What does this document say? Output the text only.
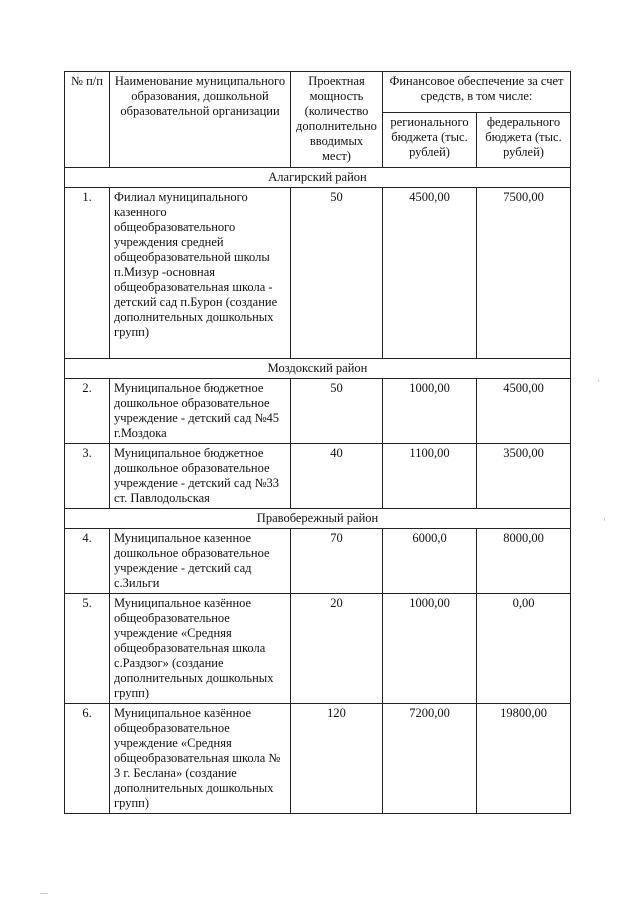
№ п/п	Наименование муниципального образования, дошкольной образовательной организации	Проектная мощность (количество дополнительно вводимых мест)	Финансовое обеспечение за счет средств, в том числе:	
			регионального бюджета (тыс. рублей)	федерального бюджета (тыс. рублей)
Алагирский район				
1.	Филиал муниципального казенного общеобразовательного учреждения средней общеобразовательной школы п.Мизур -основная общеобразовательная школа - детский сад п.Бурон (создание дополнительных дошкольных групп)	50	4500,00	7500,00
Моздокский район				
2.	Муниципальное бюджетное дошкольное образовательное учреждение - детский сад №45 г.Моздока	50	1000,00	4500,00
3.	Муниципальное бюджетное дошкольное образовательное учреждение - детский сад №33 ст. Павлодольская	40	1100,00	3500,00
Правобережный район				
4.	Муниципальное казенное дошкольное образовательное учреждение - детский сад с.Зильги	70	6000,0	8000,00
5.	Муниципальное казённое общеобразовательное учреждение «Средняя общеобразовательная школа с.Раздзог» (создание дополнительных дошкольных групп)	20	1000,00	0,00
6.	Муниципальное казённое общеобразовательное учреждение «Средняя общеобразовательная школа № 3 г. Беслана» (создание дополнительных дошкольных групп)	120	7200,00	19800,00
